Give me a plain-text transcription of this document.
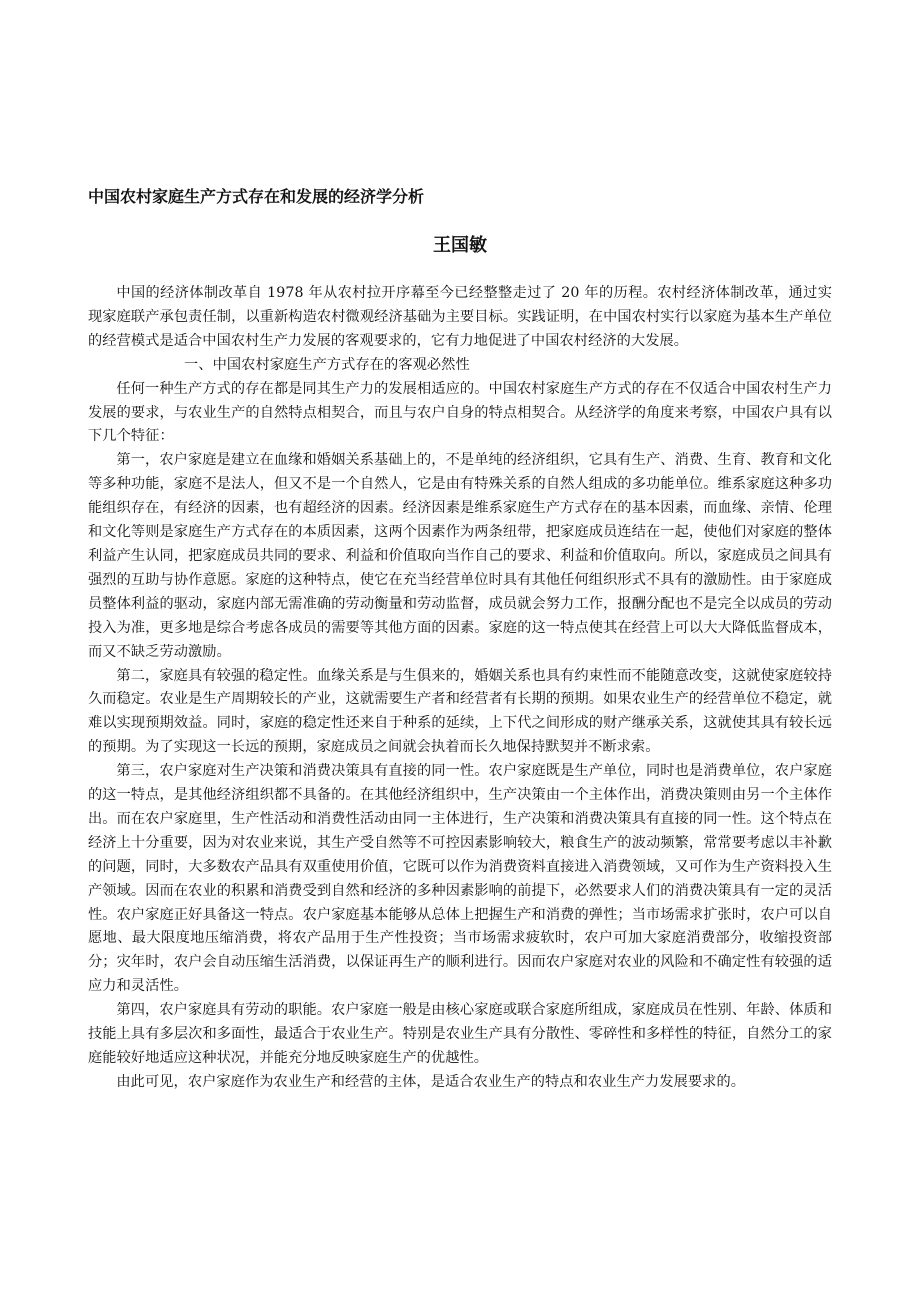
中国农村家庭生产方式存在和发展的经济学分析
王国敏

中国的经济体制改革自 1978 年从农村拉开序幕至今已经整整走过了 20 年的历程。农村经济体制改革，通过实现家庭联产承包责任制，以重新构造农村微观经济基础为主要目标。实践证明，在中国农村实行以家庭为基本生产单位的经营模式是适合中国农村生产力发展的客观要求的，它有力地促进了中国农村经济的大发展。

一、中国农村家庭生产方式存在的客观必然性

任何一种生产方式的存在都是同其生产力的发展相适应的。中国农村家庭生产方式的存在不仅适合中国农村生产力发展的要求，与农业生产的自然特点相契合，而且与农户自身的特点相契合。从经济学的角度来考察，中国农户具有以下几个特征：

第一，农户家庭是建立在血缘和婚姻关系基础上的，不是单纯的经济组织，它具有生产、消费、生育、教育和文化等多种功能，家庭不是法人，但又不是一个自然人，它是由有特殊关系的自然人组成的多功能单位。维系家庭这种多功能组织存在，有经济的因素，也有超经济的因素。经济因素是维系家庭生产方式存在的基本因素，而血缘、亲情、伦理和文化等则是家庭生产方式存在的本质因素，这两个因素作为两条纽带，把家庭成员连结在一起，使他们对家庭的整体利益产生认同，把家庭成员共同的要求、利益和价值取向当作自己的要求、利益和价值取向。所以，家庭成员之间具有强烈的互助与协作意愿。家庭的这种特点，使它在充当经营单位时具有其他任何组织形式不具有的激励性。由于家庭成员整体利益的驱动，家庭内部无需准确的劳动衡量和劳动监督，成员就会努力工作，报酬分配也不是完全以成员的劳动投入为准，更多地是综合考虑各成员的需要等其他方面的因素。家庭的这一特点使其在经营上可以大大降低监督成本，而又不缺乏劳动激励。

第二，家庭具有较强的稳定性。血缘关系是与生俱来的，婚姻关系也具有约束性而不能随意改变，这就使家庭较持久而稳定。农业是生产周期较长的产业，这就需要生产者和经营者有长期的预期。如果农业生产的经营单位不稳定，就难以实现预期效益。同时，家庭的稳定性还来自于种系的延续，上下代之间形成的财产继承关系，这就使其具有较长远的预期。为了实现这一长远的预期，家庭成员之间就会执着而长久地保持默契并不断求索。

第三，农户家庭对生产决策和消费决策具有直接的同一性。农户家庭既是生产单位，同时也是消费单位，农户家庭的这一特点，是其他经济组织都不具备的。在其他经济组织中，生产决策由一个主体作出，消费决策则由另一个主体作出。而在农户家庭里，生产性活动和消费性活动由同一主体进行，生产决策和消费决策具有直接的同一性。这个特点在经济上十分重要，因为对农业来说，其生产受自然等不可控因素影响较大，粮食生产的波动频繁，常常要考虑以丰补歉的问题，同时，大多数农产品具有双重使用价值，它既可以作为消费资料直接进入消费领域，又可作为生产资料投入生产领域。因而在农业的积累和消费受到自然和经济的多种因素影响的前提下，必然要求人们的消费决策具有一定的灵活性。农户家庭正好具备这一特点。农户家庭基本能够从总体上把握生产和消费的弹性；当市场需求扩张时，农户可以自愿地、最大限度地压缩消费，将农产品用于生产性投资；当市场需求疲软时，农户可加大家庭消费部分，收缩投资部分；灾年时，农户会自动压缩生活消费，以保证再生产的顺利进行。因而农户家庭对农业的风险和不确定性有较强的适应力和灵活性。

第四，农户家庭具有劳动的职能。农户家庭一般是由核心家庭或联合家庭所组成，家庭成员在性别、年龄、体质和技能上具有多层次和多面性，最适合于农业生产。特别是农业生产具有分散性、零碎性和多样性的特征，自然分工的家庭能较好地适应这种状况，并能充分地反映家庭生产的优越性。

由此可见，农户家庭作为农业生产和经营的主体，是适合农业生产的特点和农业生产力发展要求的。
